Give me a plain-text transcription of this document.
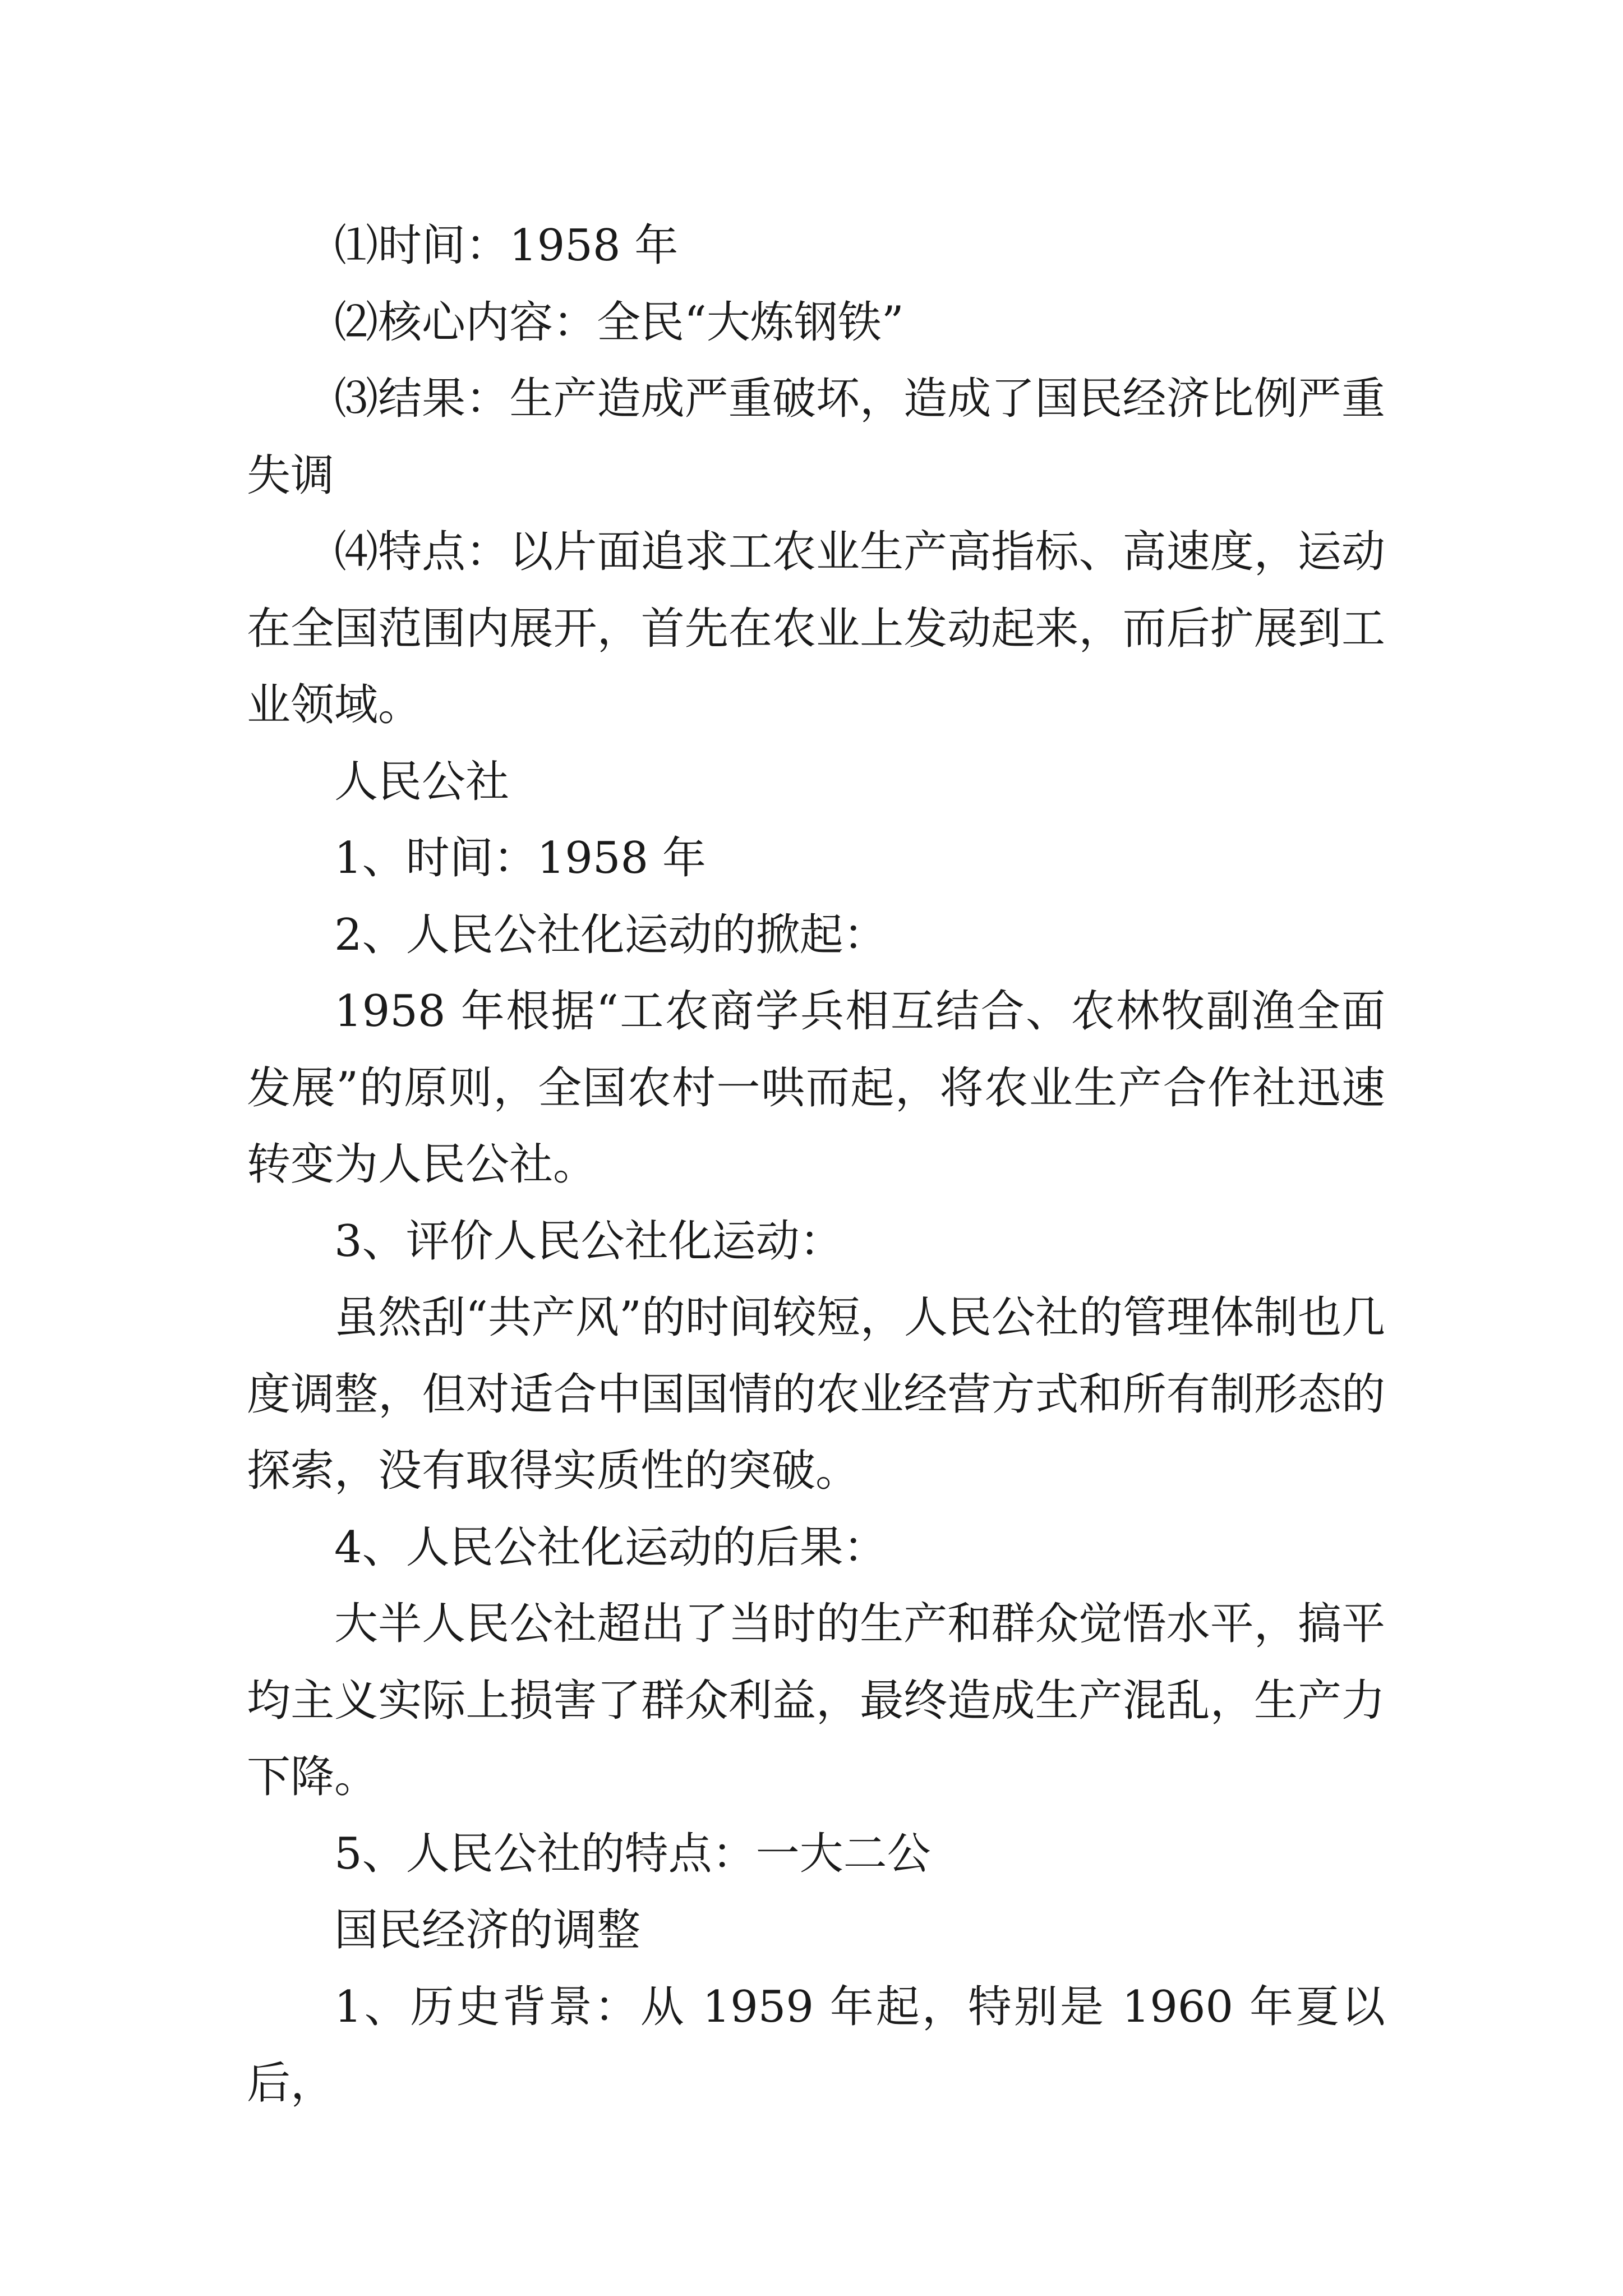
⑴时间：1958 年

⑵核心内容：全民“大炼钢铁”

⑶结果：生产造成严重破坏，造成了国民经济比例严重失调

⑷特点：以片面追求工农业生产高指标、高速度，运动在全国范围内展开，首先在农业上发动起来，而后扩展到工业领域。

人民公社

1、时间：1958 年

2、人民公社化运动的掀起：

1958 年根据“工农商学兵相互结合、农林牧副渔全面发展”的原则，全国农村一哄而起，将农业生产合作社迅速转变为人民公社。

3、评价人民公社化运动：

虽然刮“共产风”的时间较短，人民公社的管理体制也几度调整，但对适合中国国情的农业经营方式和所有制形态的探索，没有取得实质性的突破。

4、人民公社化运动的后果：

大半人民公社超出了当时的生产和群众觉悟水平，搞平均主义实际上损害了群众利益，最终造成生产混乱，生产力下降。

5、人民公社的特点：一大二公

国民经济的调整

1、历史背景：从 1959 年起，特别是 1960 年夏以后，
